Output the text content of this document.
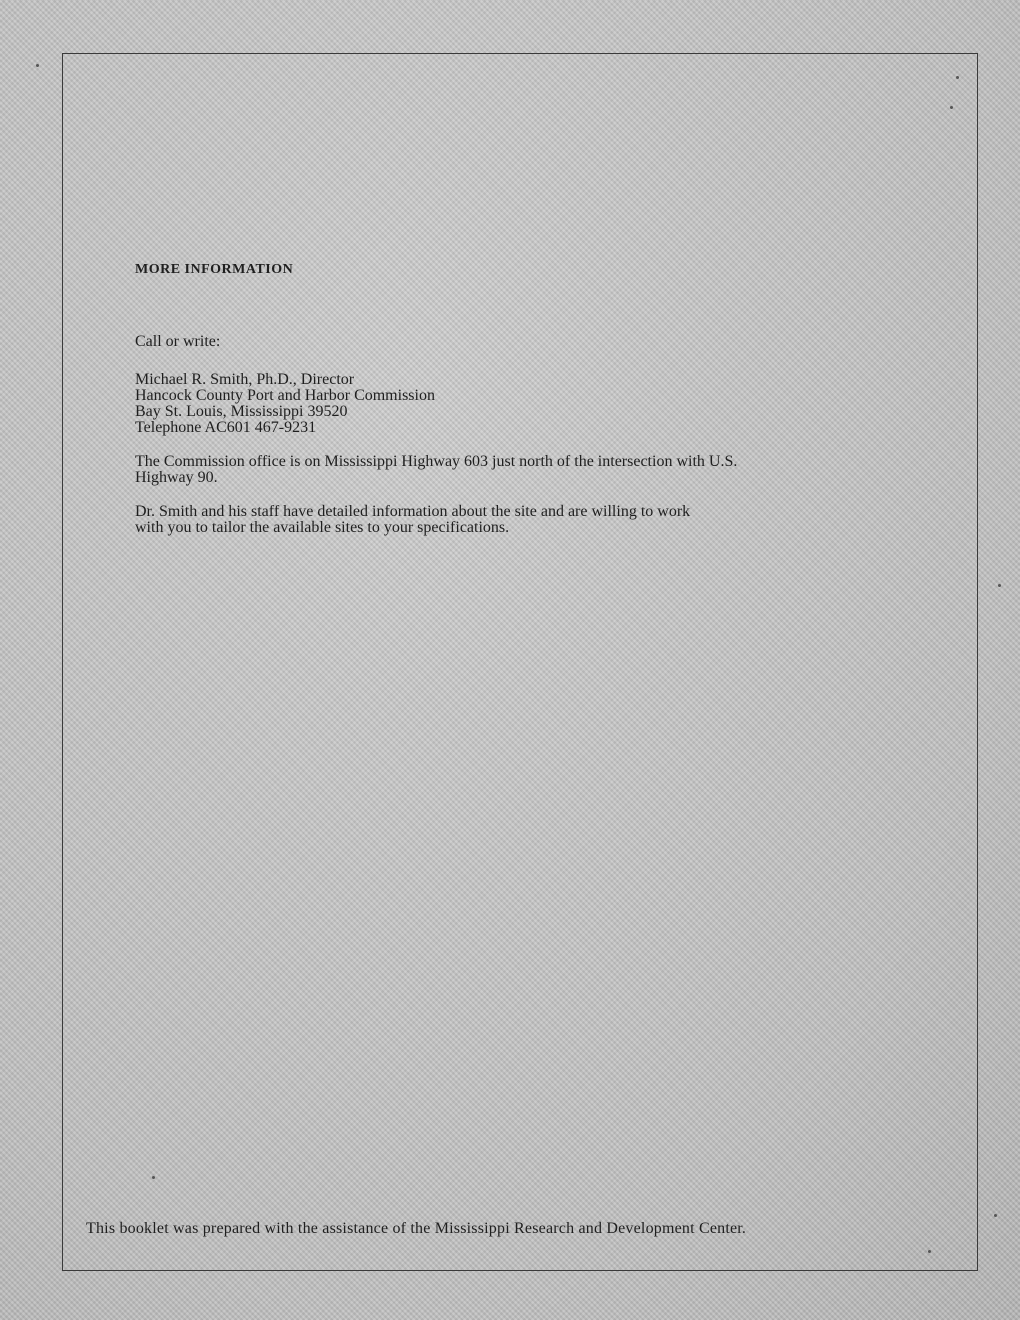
MORE INFORMATION
Call or write:
Michael R. Smith, Ph.D., Director
Hancock County Port and Harbor Commission
Bay St. Louis, Mississippi 39520
Telephone AC601 467-9231
The Commission office is on Mississippi Highway 603 just north of the intersection with U.S.
Highway 90.
Dr. Smith and his staff have detailed information about the site and are willing to work
with you to tailor the available sites to your specifications.
This booklet was prepared with the assistance of the Mississippi Research and Development Center.
